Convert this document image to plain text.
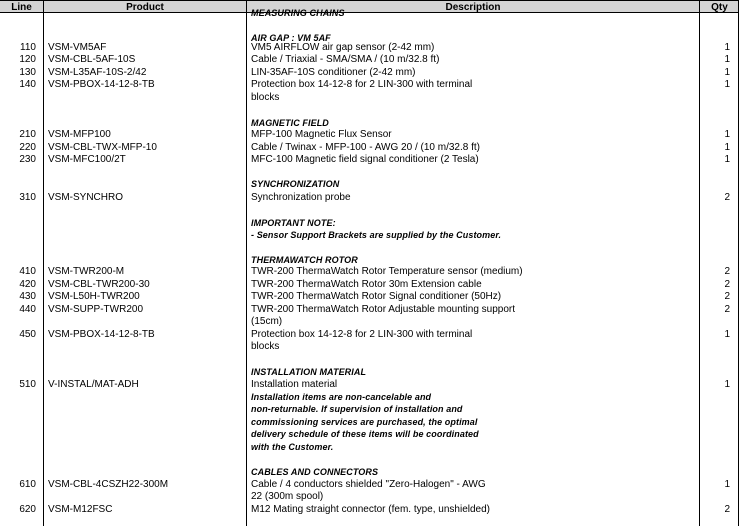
Line	Product	Description	Qty
MEASURING CHAINS
AIR GAP : VM 5AF
110 VSM-VM5AF	VM5 AIRFLOW air gap sensor (2-42 mm)	1
120 VSM-CBL-5AF-10S	Cable / Triaxial - SMA/SMA / (10 m/32.8 ft)	1
130 VSM-L35AF-10S-2/42	LIN-35AF-10S conditioner (2-42 mm)	1
140 VSM-PBOX-14-12-8-TB	Protection box 14-12-8 for 2 LIN-300 with terminal	1
blocks
MAGNETIC FIELD
210 VSM-MFP100	MFP-100 Magnetic Flux Sensor	1
220 VSM-CBL-TWX-MFP-10	Cable / Twinax - MFP-100 - AWG 20 / (10 m/32.8 ft)	1
230 VSM-MFC100/2T	MFC-100 Magnetic field signal conditioner (2 Tesla)	1
SYNCHRONIZATION
310 VSM-SYNCHRO	Synchronization probe	2
IMPORTANT NOTE:
- Sensor Support Brackets are supplied by the Customer.
THERMAWATCH ROTOR
410 VSM-TWR200-M	TWR-200 ThermaWatch Rotor Temperature sensor (medium)	2
420 VSM-CBL-TWR200-30	TWR-200 ThermaWatch Rotor 30m Extension cable	2
430 VSM-L50H-TWR200	TWR-200 ThermaWatch Rotor Signal conditioner (50Hz)	2
440 VSM-SUPP-TWR200	TWR-200 ThermaWatch Rotor Adjustable mounting support	2
(15cm)
450 VSM-PBOX-14-12-8-TB	Protection box 14-12-8 for 2 LIN-300 with terminal	1
blocks
INSTALLATION MATERIAL
510 V-INSTAL/MAT-ADH	Installation material	1
Installation items are non-cancelable and
non-returnable. If supervision of installation and
commissioning services are purchased, the optimal
delivery schedule of these items will be coordinated
with the Customer.
CABLES AND CONNECTORS
610 VSM-CBL-4CSZH22-300M	Cable / 4 conductors shielded "Zero-Halogen" - AWG	1
22 (300m spool)
620 VSM-M12FSC	M12 Mating straight connector (fem. type, unshielded)	2
